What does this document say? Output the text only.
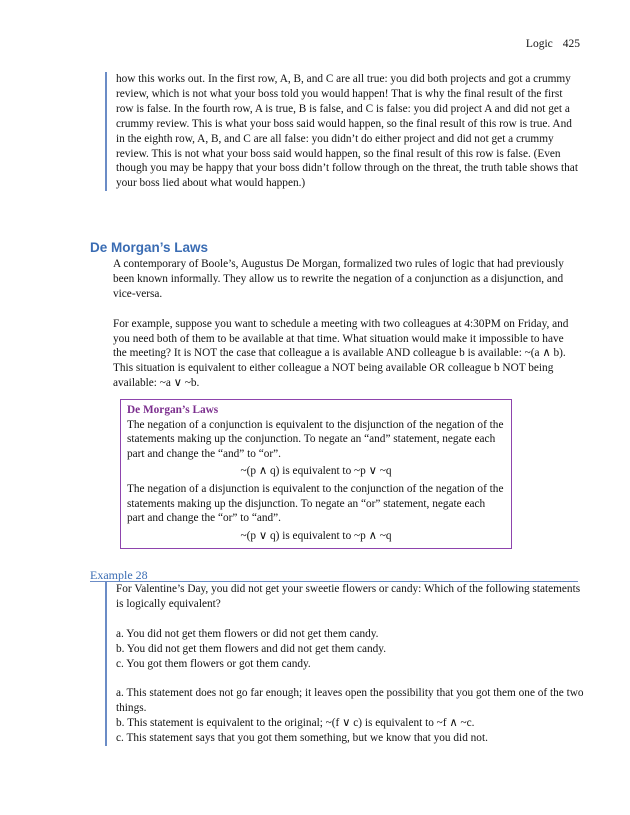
Logic 425
how this works out. In the first row, A, B, and C are all true: you did both projects and got a crummy review, which is not what your boss told you would happen! That is why the final result of the first row is false. In the fourth row, A is true, B is false, and C is false: you did project A and did not get a crummy review. This is what your boss said would happen, so the final result of this row is true. And in the eighth row, A, B, and C are all false: you didn’t do either project and did not get a crummy review. This is not what your boss said would happen, so the final result of this row is false. (Even though you may be happy that your boss didn’t follow through on the threat, the truth table shows that your boss lied about what would happen.)
De Morgan’s Laws

A contemporary of Boole’s, Augustus De Morgan, formalized two rules of logic that had previously been known informally. They allow us to rewrite the negation of a conjunction as a disjunction, and vice-versa.

For example, suppose you want to schedule a meeting with two colleagues at 4:30PM on Friday, and you need both of them to be available at that time. What situation would make it impossible to have the meeting? It is NOT the case that colleague a is available AND colleague b is available: ~(a ∧ b). This situation is equivalent to either colleague a NOT being available OR colleague b NOT being available: ~a ∨ ~b.

De Morgan’s Laws
The negation of a conjunction is equivalent to the disjunction of the negation of the statements making up the conjunction. To negate an “and” statement, negate each part and change the “and” to “or”.
~(p ∧ q) is equivalent to ~p ∨ ~q
The negation of a disjunction is equivalent to the conjunction of the negation of the statements making up the disjunction. To negate an “or” statement, negate each part and change the “or” to “and”.
~(p ∨ q) is equivalent to ~p ∧ ~q
Example 28

For Valentine’s Day, you did not get your sweetie flowers or candy: Which of the following statements is logically equivalent?

a. You did not get them flowers or did not get them candy.

b. You did not get them flowers and did not get them candy.

c. You got them flowers or got them candy.

a. This statement does not go far enough; it leaves open the possibility that you got them one of the two things.

b. This statement is equivalent to the original; ~(f ∨ c) is equivalent to ~f ∧ ~c.

c. This statement says that you got them something, but we know that you did not.
